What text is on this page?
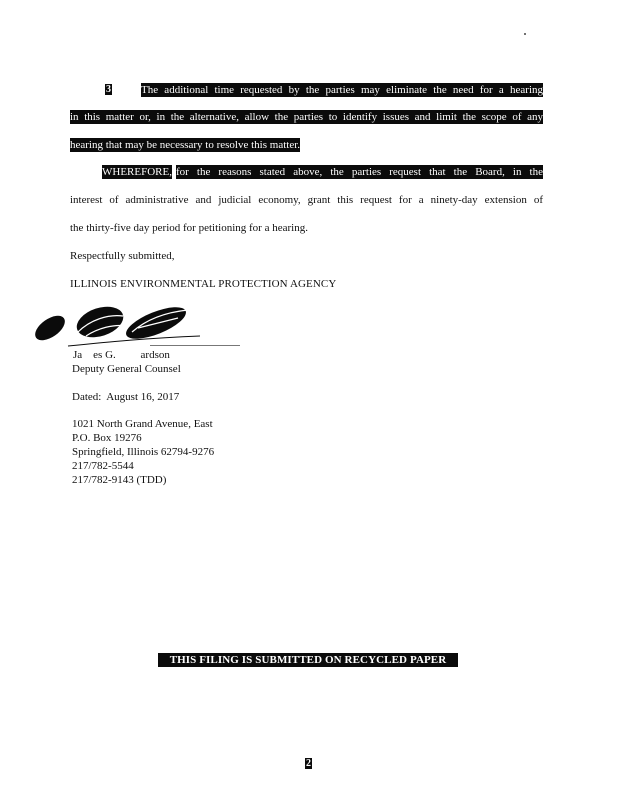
3	The additional time requested by the parties may eliminate the need for a hearing
in this matter or, in the alternative, allow the parties to identify issues and limit the scope of any
hearing that may be necessary to resolve this matter.
WHEREFORE, for the reasons stated above, the parties request that the Board, in the
interest of administrative and judicial economy, grant this request for a ninety-day extension of
the thirty-five day period for petitioning for a hearing.
Respectfully submitted,
ILLINOIS ENVIRONMENTAL PROTECTION AGENCY
Ja    es G.         ardson
Deputy General Counsel
Dated:  August 16, 2017
1021 North Grand Avenue, East
P.O. Box 19276
Springfield, Illinois 62794-9276
217/782-5544
217/782-9143 (TDD)
THIS FILING IS SUBMITTED ON RECYCLED PAPER
2
